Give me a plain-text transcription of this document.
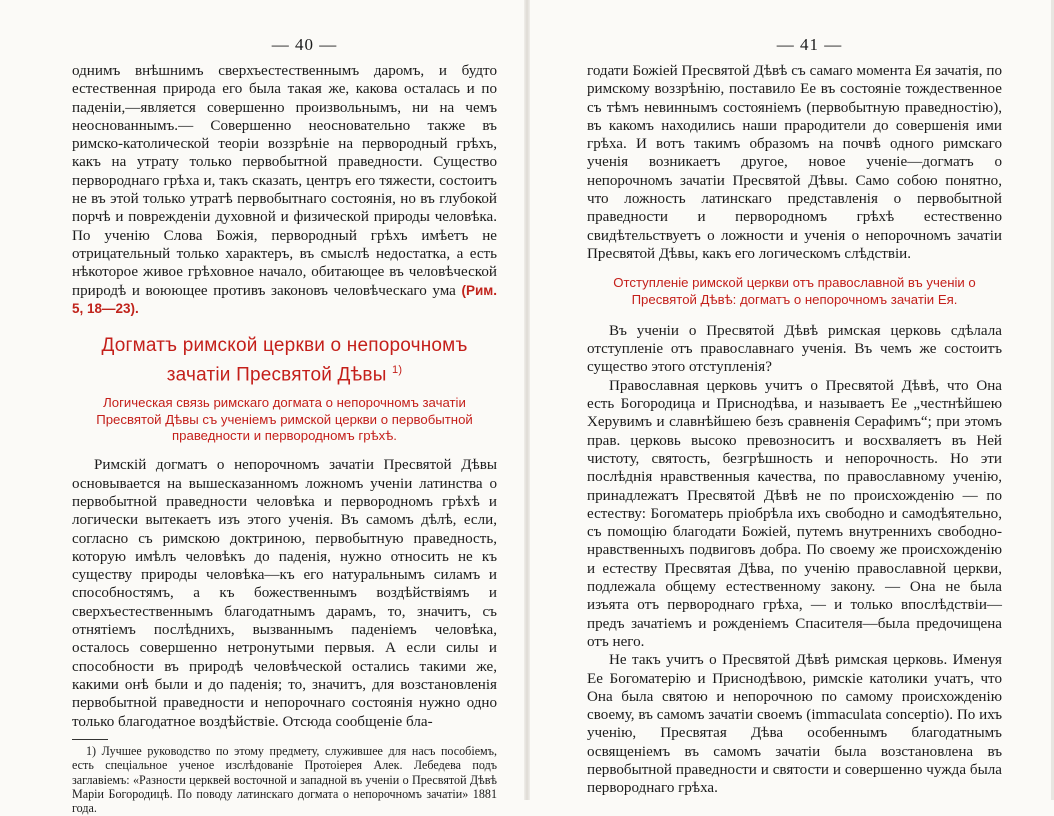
— 40 —

однимъ внѣшнимъ сверхъестественнымъ даромъ, и будто естественная природа его была такая же, какова осталась и по паденіи,—является совершенно произвольнымъ, ни на чемъ неоснованнымъ.— Совершенно неосновательно также въ римско-католической теоріи воззрѣніе на первородный грѣхъ, какъ на утрату только первобытной праведности. Существо первороднаго грѣха и, такъ сказать, центръ его тяжести, состоитъ не въ этой только утратѣ первобытнаго состоянія, но въ глубокой порчѣ и поврежденіи духовной и физической природы человѣка. По ученію Слова Божія, первородный грѣхъ имѣетъ не отрицательный только характеръ, въ смыслѣ недостатка, а есть нѣкоторое живое грѣховное начало, обитающее въ человѣческой природѣ и воюющее противъ законовъ человѣческаго ума (Рим. 5, 18—23).

Догматъ римской церкви о непорочномъ зачатіи Пресвятой Дѣвы $^{1)}$
Логическая связь римскаго догмата о непорочномъ зачатіи Пресвятой Дѣвы съ ученіемъ римской церкви о первобытной праведности и первородномъ грѣхѣ.

Римскій догматъ о непорочномъ зачатіи Пресвятой Дѣвы основывается на вышесказанномъ ложномъ ученіи латинства о первобытной праведности человѣка и первородномъ грѣхѣ и логически вытекаетъ изъ этого ученія. Въ самомъ дѣлѣ, если, согласно съ римскою доктриною, первобытную праведность, которую имѣлъ человѣкъ до паденія, нужно относить не къ существу природы человѣка—къ его натуральнымъ силамъ и способностямъ, а къ божественнымъ воздѣйствіямъ и сверхъестественнымъ благодатнымъ дарамъ, то, значитъ, съ отнятіемъ послѣднихъ, вызваннымъ паденіемъ человѣка, осталось совершенно нетронутыми первыя. А если силы и способности въ природѣ человѣческой остались такими же, какими онѣ были и до паденія; то, значитъ, для возстановленія первобытной праведности и непорочнаго состоянія нужно одно только благодатное воздѣйствіе. Отсюда сообщеніе бла-

1) Лучшее руководство по этому предмету, служившее для насъ пособіемъ, есть спеціальное ученое изслѣдованіе Протоіерея Алек. Лебедева подъ заглавіемъ: «Разности церквей восточной и западной въ ученіи о Пресвятой Дѣвѣ Маріи Богородицѣ. По поводу латинскаго догмата о непорочномъ зачатіи» 1881 года.

— 41 —

годати Божіей Пресвятой Дѣвѣ съ самаго момента Ея зачатія, по римскому воззрѣнію, поставило Ее въ состояніе тождественное съ тѣмъ невиннымъ состояніемъ (первобытную праведностію), въ какомъ находились наши прародители до совершенія ими грѣха. И вотъ такимъ образомъ на почвѣ одного римскаго ученія возникаетъ другое, новое ученіе—догматъ о непорочномъ зачатіи Пресвятой Дѣвы. Само собою понятно, что ложность латинскаго представленія о первобытной праведности и первородномъ грѣхѣ естественно свидѣтельствуетъ о ложности и ученія о непорочномъ зачатіи Пресвятой Дѣвы, какъ его логическомъ слѣдствіи.

Отступленіе римской церкви отъ православной въ ученіи о Пресвятой Дѣвѣ: догматъ о непорочномъ зачатіи Ея.

Въ ученіи о Пресвятой Дѣвѣ римская церковь сдѣлала отступленіе отъ православнаго ученія. Въ чемъ же состоитъ существо этого отступленія?

Православная церковь учитъ о Пресвятой Дѣвѣ, что Она есть Богородица и Приснодѣва, и называетъ Ее „честнѣйшею Херувимъ и славнѣйшею безъ сравненія Серафимъ“; при этомъ прав. церковь высоко превозноситъ и восхваляетъ въ Ней чистоту, святость, безгрѣшность и непорочность. Но эти послѣднія нравственныя качества, по православному ученію, принадлежатъ Пресвятой Дѣвѣ не по происхожденію — по естеству: Богоматерь пріобрѣла ихъ свободно и самодѣятельно, съ помощію благодати Божіей, путемъ внутреннихъ свободно-нравственныхъ подвиговъ добра. По своему же происхожденію и естеству Пресвятая Дѣва, по ученію православной церкви, подлежала общему естественному закону. — Она не была изъята отъ первороднаго грѣха, — и только впослѣдствіи—предъ зачатіемъ и рожденіемъ Спасителя—была предочищена отъ него.

Не такъ учитъ о Пресвятой Дѣвѣ римская церковь. Именуя Ее Богоматерію и Приснодѣвою, римскіе католики учатъ, что Она была святою и непорочною по самому происхожденію своему, въ самомъ зачатіи своемъ (immaculata conceptio). По ихъ ученію, Пресвятая Дѣва особеннымъ благодатнымъ освященіемъ въ самомъ зачатіи была возстановлена въ первобытной праведности и святости и совершенно чужда была первороднаго грѣха.
